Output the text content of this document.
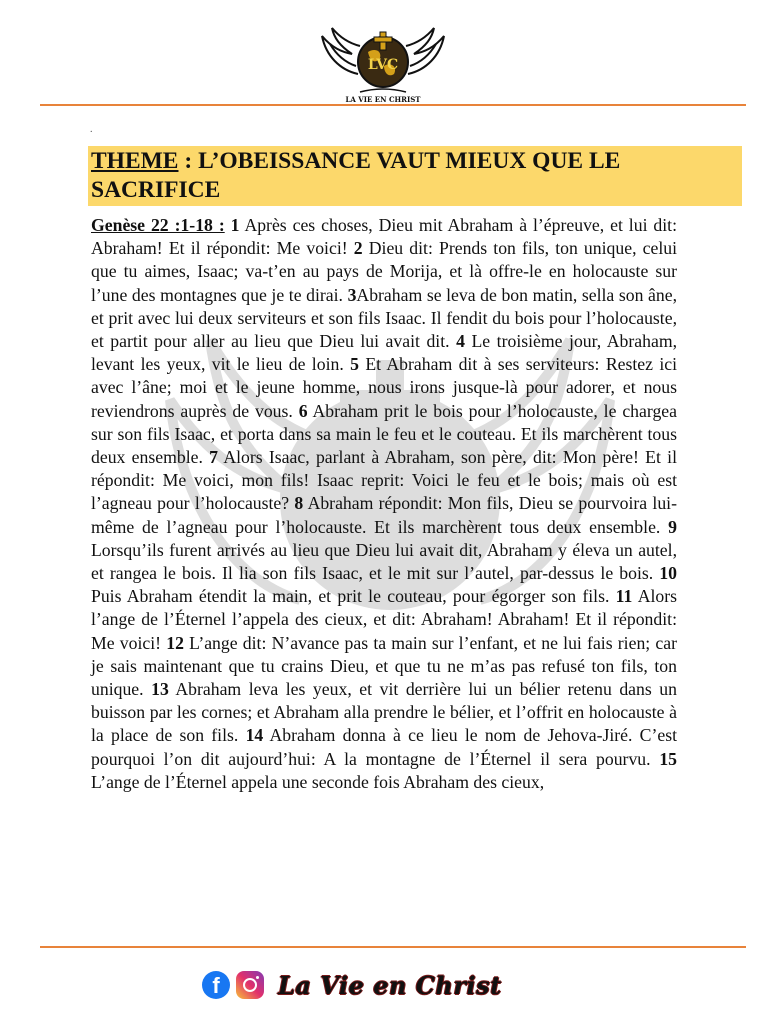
LVC
LA VIE EN CHRIST
.
THEME : L’OBEISSANCE VAUT MIEUX QUE LE SACRIFICE
Genèse 22 :1-18 : 1 Après ces choses, Dieu mit Abraham à l’épreuve, et lui dit: Abraham! Et il répondit: Me voici! 2 Dieu dit: Prends ton fils, ton unique, celui que tu aimes, Isaac; va-t’en au pays de Morija, et là offre-le en holocauste sur l’une des montagnes que je te dirai. 3Abraham se leva de bon matin, sella son âne, et prit avec lui deux serviteurs et son fils Isaac. Il fendit du bois pour l’holocauste, et partit pour aller au lieu que Dieu lui avait dit. 4 Le troisième jour, Abraham, levant les yeux, vit le lieu de loin. 5 Et Abraham dit à ses serviteurs: Restez ici avec l’âne; moi et le jeune homme, nous irons jusque-là pour adorer, et nous reviendrons auprès de vous. 6 Abraham prit le bois pour l’holocauste, le chargea sur son fils Isaac, et porta dans sa main le feu et le couteau. Et ils marchèrent tous deux ensemble. 7 Alors Isaac, parlant à Abraham, son père, dit: Mon père! Et il répondit: Me voici, mon fils! Isaac reprit: Voici le feu et le bois; mais où est l’agneau pour l’holocauste? 8 Abraham répondit: Mon fils, Dieu se pourvoira lui-même de l’agneau pour l’holocauste. Et ils marchèrent tous deux ensemble. 9 Lorsqu’ils furent arrivés au lieu que Dieu lui avait dit, Abraham y éleva un autel, et rangea le bois. Il lia son fils Isaac, et le mit sur l’autel, par-dessus le bois. 10 Puis Abraham étendit la main, et prit le couteau, pour égorger son fils. 11 Alors l’ange de l’Éternel l’appela des cieux, et dit: Abraham! Abraham! Et il répondit: Me voici! 12 L’ange dit: N’avance pas ta main sur l’enfant, et ne lui fais rien; car je sais maintenant que tu crains Dieu, et que tu ne m’as pas refusé ton fils, ton unique. 13 Abraham leva les yeux, et vit derrière lui un bélier retenu dans un buisson par les cornes; et Abraham alla prendre le bélier, et l’offrit en holocauste à la place de son fils. 14 Abraham donna à ce lieu le nom de Jehova-Jiré. C’est pourquoi l’on dit aujourd’hui: A la montagne de l’Éternel il sera pourvu. 15 L’ange de l’Éternel appela une seconde fois Abraham des cieux,
f La Vie en Christ
